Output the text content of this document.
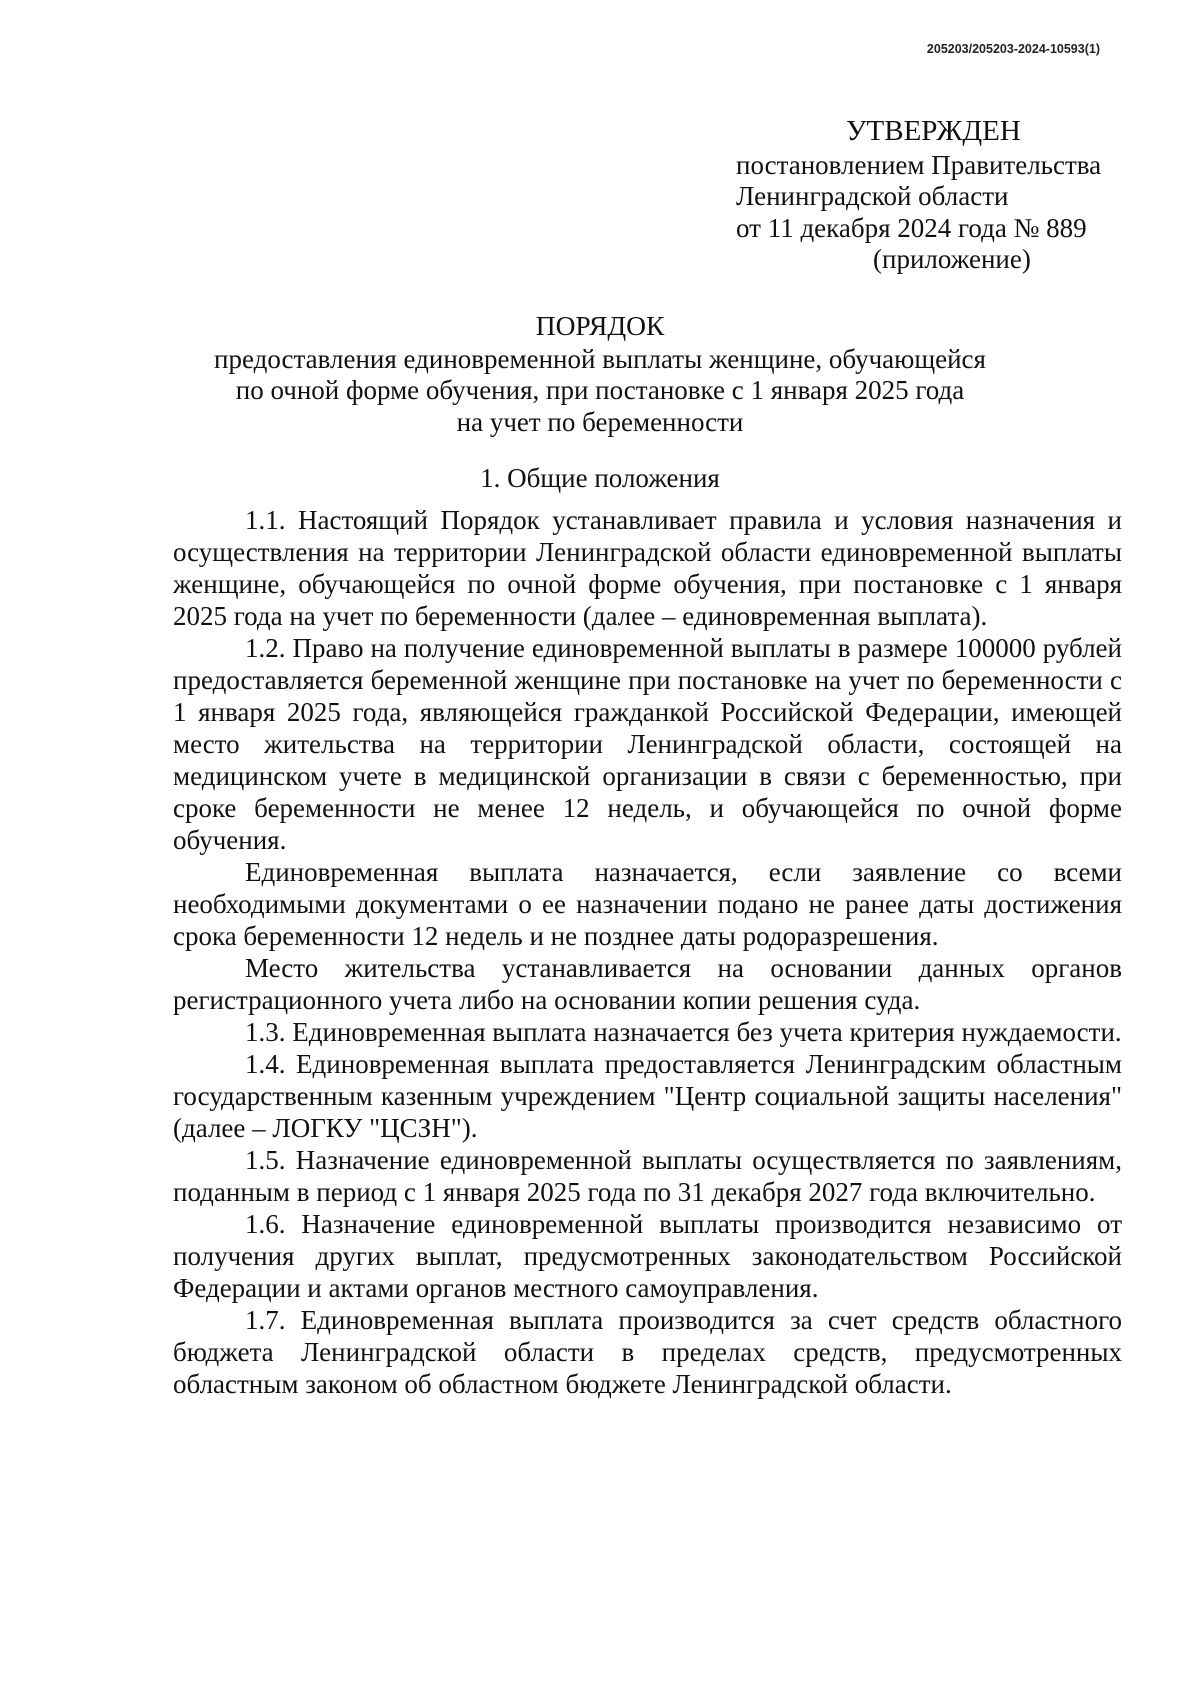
205203/205203-2024-10593(1)
УТВЕРЖДЕН
постановлением Правительства
Ленинградской области
от 11 декабря 2024 года № 889
(приложение)
ПОРЯДОК
предоставления единовременной выплаты женщине, обучающейся
по очной форме обучения, при постановке с 1 января 2025 года
на учет по беременности
1. Общие положения

1.1. Настоящий Порядок устанавливает правила и условия назначения и осуществления на территории Ленинградской области единовременной выплаты женщине, обучающейся по очной форме обучения, при постановке с 1 января 2025 года на учет по беременности (далее – единовременная выплата).

1.2. Право на получение единовременной выплаты в размере 100000 рублей предоставляется беременной женщине при постановке на учет по беременности с 1 января 2025 года, являющейся гражданкой Российской Федерации, имеющей место жительства на территории Ленинградской области, состоящей на медицинском учете в медицинской организации в связи с беременностью, при сроке беременности не менее 12 недель, и обучающейся по очной форме обучения.

Единовременная выплата назначается, если заявление со всеми необходимыми документами о ее назначении подано не ранее даты достижения срока беременности 12 недель и не позднее даты родоразрешения.

Место жительства устанавливается на основании данных органов регистрационного учета либо на основании копии решения суда.

1.3. Единовременная выплата назначается без учета критерия нуждаемости.

1.4. Единовременная выплата предоставляется Ленинградским областным государственным казенным учреждением "Центр социальной защиты населения" (далее – ЛОГКУ "ЦСЗН").

1.5. Назначение единовременной выплаты осуществляется по заявлениям, поданным в период с 1 января 2025 года по 31 декабря 2027 года включительно.

1.6. Назначение единовременной выплаты производится независимо от получения других выплат, предусмотренных законодательством Российской Федерации и актами органов местного самоуправления.

1.7. Единовременная выплата производится за счет средств областного бюджета Ленинградской области в пределах средств, предусмотренных областным законом об областном бюджете Ленинградской области.
